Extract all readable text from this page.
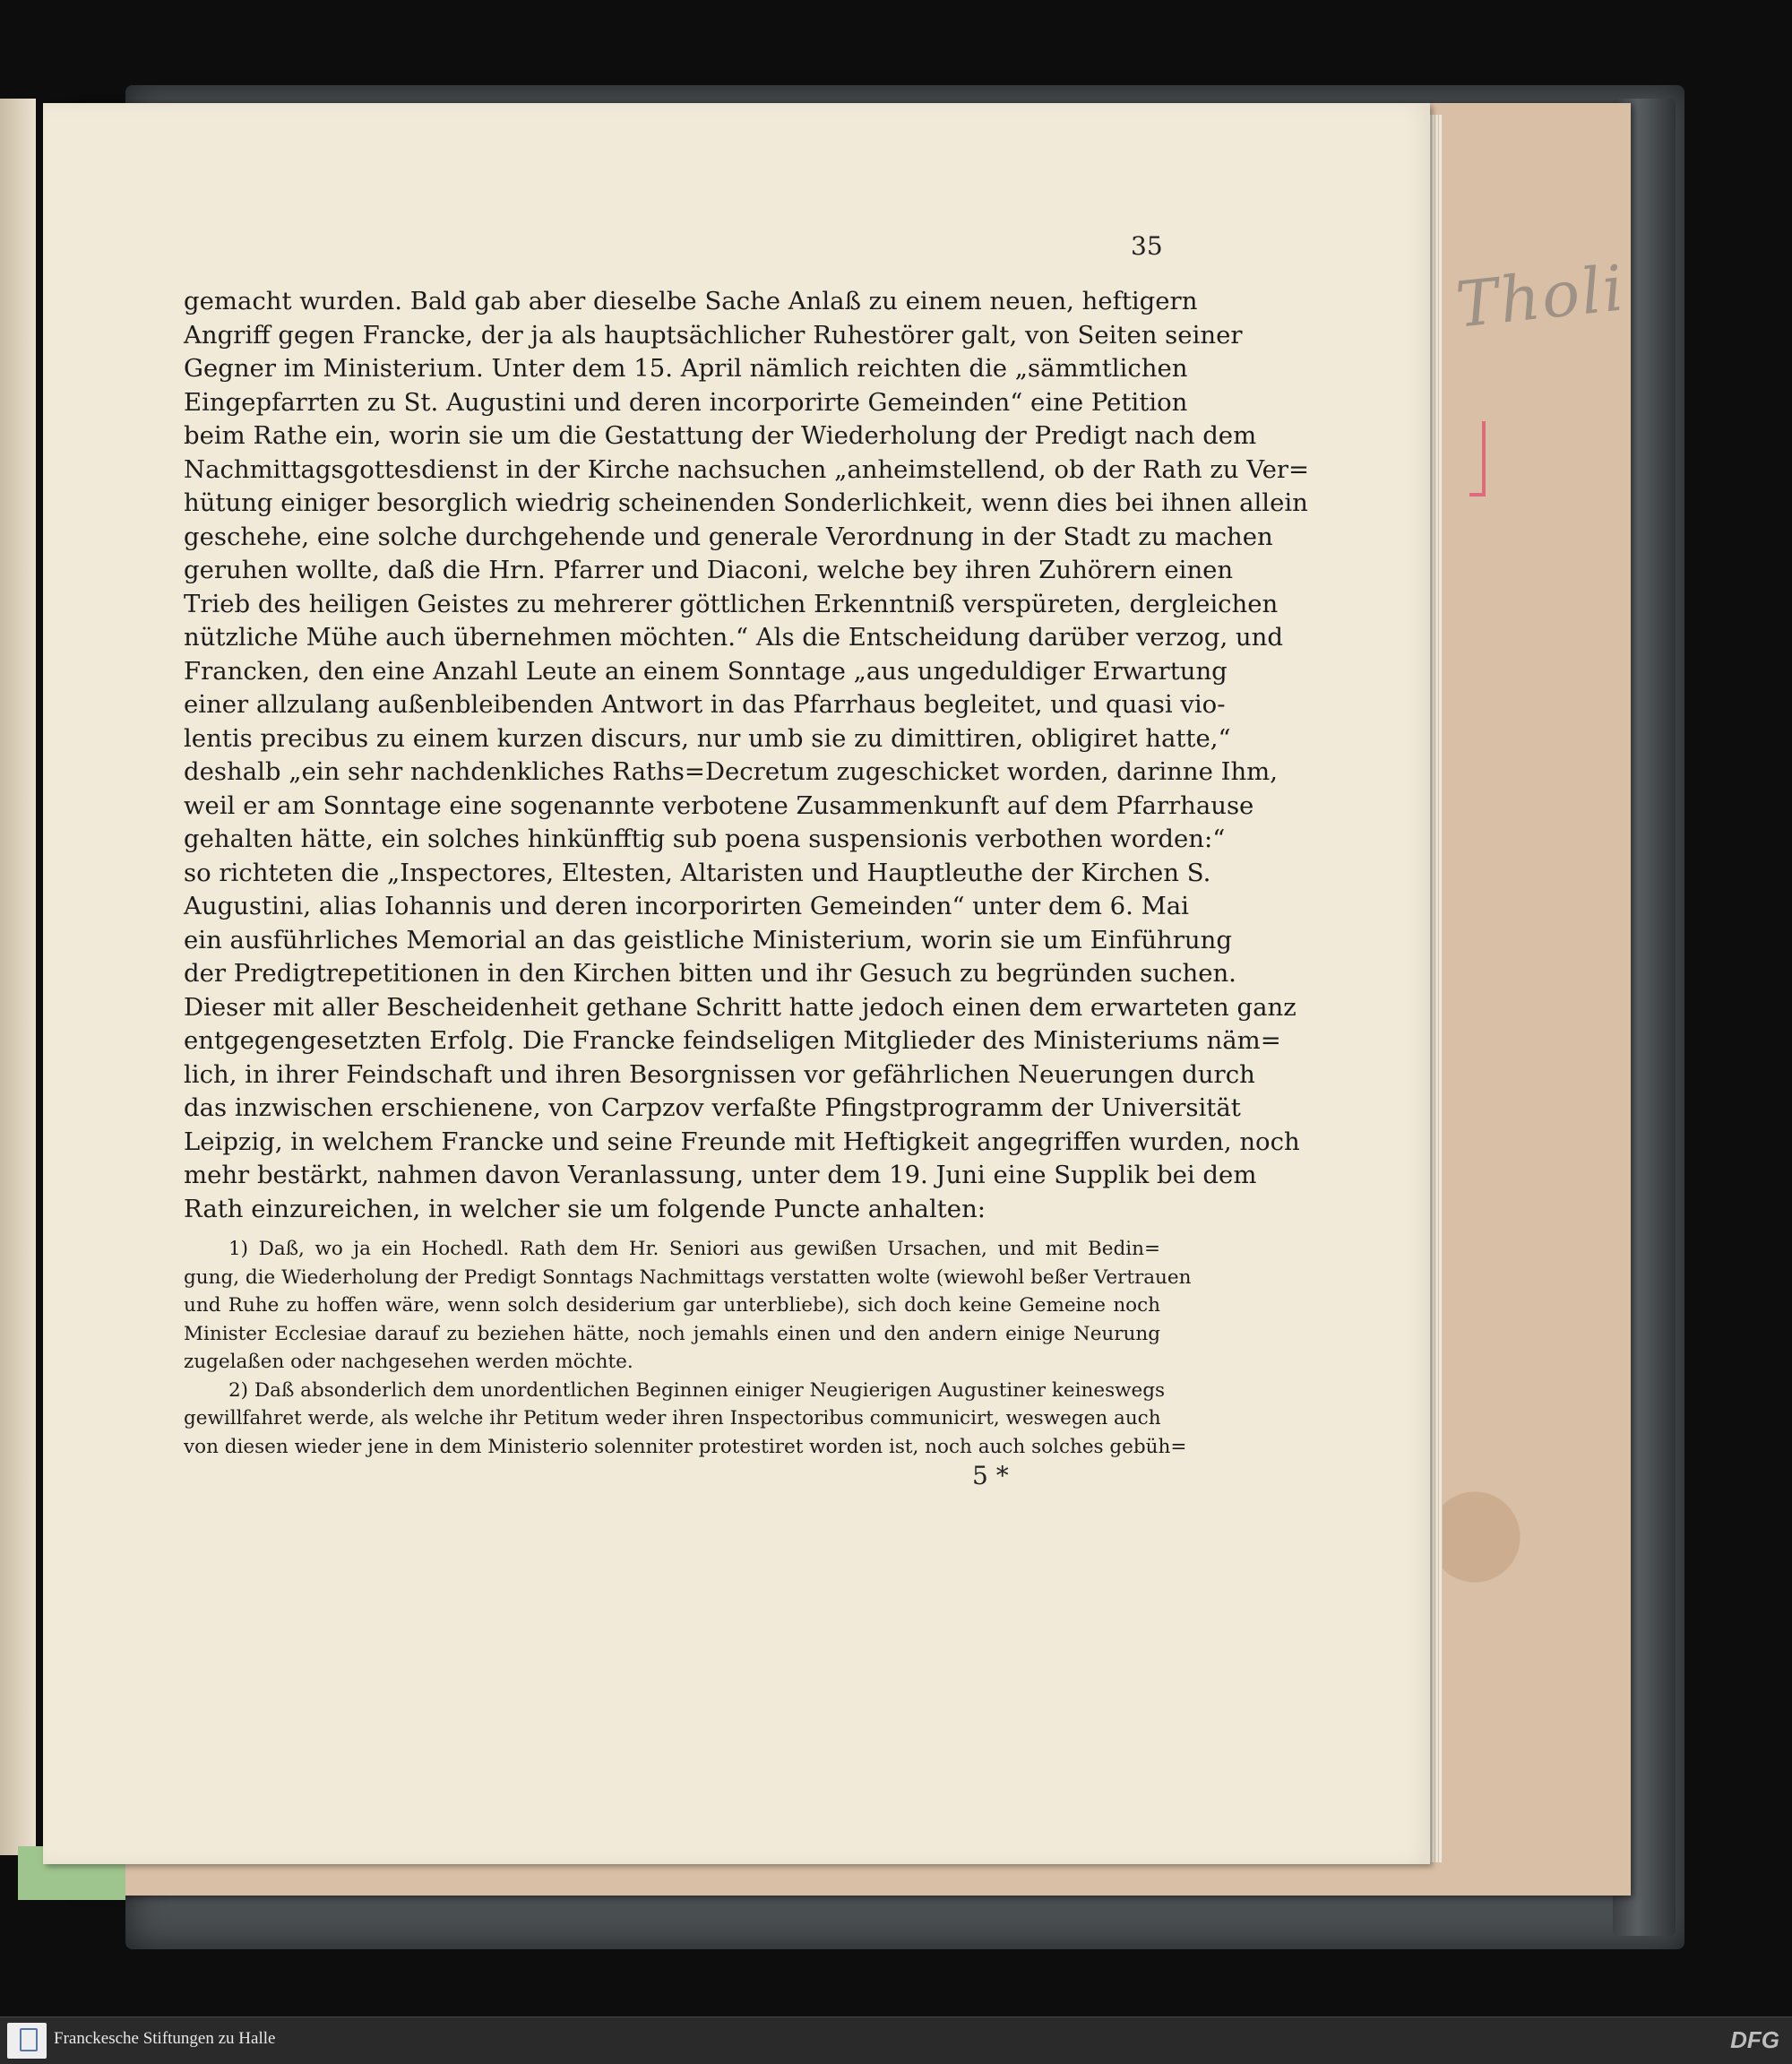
Tholi
35
gemacht wurden. Bald gab aber dieselbe Sache Anlaß zu einem neuen, heftigern
Angriff gegen Francke, der ja als hauptsächlicher Ruhestörer galt, von Seiten seiner
Gegner im Ministerium. Unter dem 15. April nämlich reichten die „sämmtlichen
Eingepfarrten zu St. Augustini und deren incorporirte Gemeinden“ eine Petition
beim Rathe ein, worin sie um die Gestattung der Wiederholung der Predigt nach dem
Nachmittagsgottesdienst in der Kirche nachsuchen „anheimstellend, ob der Rath zu Ver=
hütung einiger besorglich wiedrig scheinenden Sonderlichkeit, wenn dies bei ihnen allein
geschehe, eine solche durchgehende und generale Verordnung in der Stadt zu machen
geruhen wollte, daß die Hrn. Pfarrer und Diaconi, welche bey ihren Zuhörern einen
Trieb des heiligen Geistes zu mehrerer göttlichen Erkenntniß verspüreten, dergleichen
nützliche Mühe auch übernehmen möchten.“ Als die Entscheidung darüber verzog, und
Francken, den eine Anzahl Leute an einem Sonntage „aus ungeduldiger Erwartung
einer allzulang außenbleibenden Antwort in das Pfarrhaus begleitet, und quasi vio-
lentis precibus zu einem kurzen discurs, nur umb sie zu dimittiren, obligiret hatte,“
deshalb „ein sehr nachdenkliches Raths=Decretum zugeschicket worden, darinne Ihm,
weil er am Sonntage eine sogenannte verbotene Zusammenkunft auf dem Pfarrhause
gehalten hätte, ein solches hinkünfftig sub poena suspensionis verbothen worden:“
so richteten die „Inspectores, Eltesten, Altaristen und Hauptleuthe der Kirchen S.
Augustini, alias Iohannis und deren incorporirten Gemeinden“ unter dem 6. Mai
ein ausführliches Memorial an das geistliche Ministerium, worin sie um Einführung
der Predigtrepetitionen in den Kirchen bitten und ihr Gesuch zu begründen suchen.
Dieser mit aller Bescheidenheit gethane Schritt hatte jedoch einen dem erwarteten ganz
entgegengesetzten Erfolg. Die Francke feindseligen Mitglieder des Ministeriums näm=
lich, in ihrer Feindschaft und ihren Besorgnissen vor gefährlichen Neuerungen durch
das inzwischen erschienene, von Carpzov verfaßte Pfingstprogramm der Universität
Leipzig, in welchem Francke und seine Freunde mit Heftigkeit angegriffen wurden, noch
mehr bestärkt, nahmen davon Veranlassung, unter dem 19. Juni eine Supplik bei dem
Rath einzureichen, in welcher sie um folgende Puncte anhalten:
1) Daß, wo ja ein Hochedl. Rath dem Hr. Seniori aus gewißen Ursachen, und mit Bedin=
gung, die Wiederholung der Predigt Sonntags Nachmittags verstatten wolte (wiewohl beßer Vertrauen
und Ruhe zu hoffen wäre, wenn solch desiderium gar unterbliebe), sich doch keine Gemeine noch
Minister Ecclesiae darauf zu beziehen hätte, noch jemahls einen und den andern einige Neurung
zugelaßen oder nachgesehen werden möchte.
2) Daß absonderlich dem unordentlichen Beginnen einiger Neugierigen Augustiner keineswegs
gewillfahret werde, als welche ihr Petitum weder ihren Inspectoribus communicirt, weswegen auch
von diesen wieder jene in dem Ministerio solenniter protestiret worden ist, noch auch solches gebüh=
5 *
Franckesche Stiftungen zu Halle	DFG
